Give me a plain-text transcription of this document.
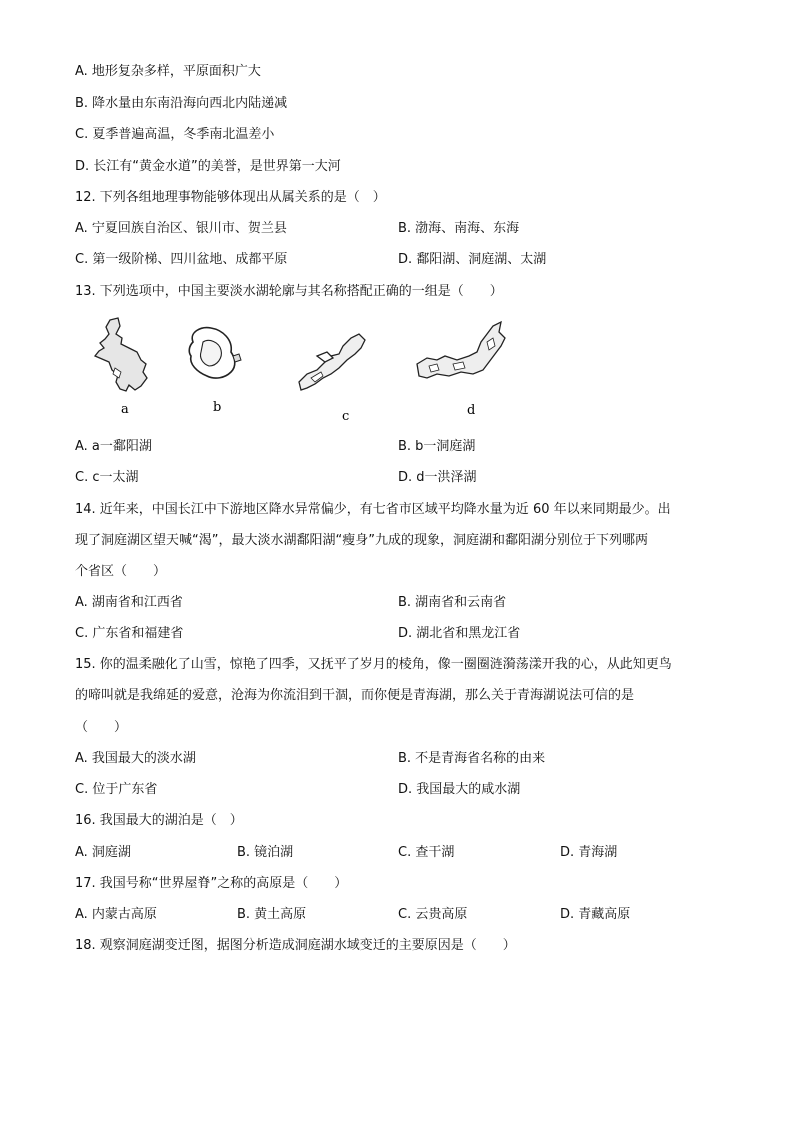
A. 地形复杂多样，平原面积广大
B. 降水量由东南沿海向西北内陆递减
C. 夏季普遍高温，冬季南北温差小
D. 长江有“黄金水道”的美誉，是世界第一大河
12. 下列各组地理事物能够体现出从属关系的是（　）
A. 宁夏回族自治区、银川市、贺兰县	B. 渤海、南海、东海
C. 第一级阶梯、四川盆地、成都平原	D. 鄱阳湖、洞庭湖、太湖
13. 下列选项中，中国主要淡水湖轮廓与其名称搭配正确的一组是（　　）
a	b
c	d
A. a一鄱阳湖	B. b一洞庭湖
C. c一太湖	D. d一洪泽湖
14. 近年来，中国长江中下游地区降水异常偏少，有七省市区域平均降水量为近 60 年以来同期最少。出
现了洞庭湖区望天喊“渴”，最大淡水湖鄱阳湖“瘦身”九成的现象，洞庭湖和鄱阳湖分别位于下列哪两
个省区（　　）
A. 湖南省和江西省	B. 湖南省和云南省
C. 广东省和福建省	D. 湖北省和黑龙江省
15. 你的温柔融化了山雪，惊艳了四季，又抚平了岁月的棱角，像一圈圈涟漪荡漾开我的心，从此知更鸟
的啼叫就是我绵延的爱意，沧海为你流泪到干涸，而你便是青海湖，那么关于青海湖说法可信的是
（　　）
A. 我国最大的淡水湖	B. 不是青海省名称的由来
C. 位于广东省	D. 我国最大的咸水湖
16. 我国最大的湖泊是（　）
A. 洞庭湖	B. 镜泊湖	C. 查干湖	D. 青海湖
17. 我国号称“世界屋脊”之称的高原是（　　）
A. 内蒙古高原	B. 黄土高原	C. 云贵高原	D. 青藏高原
18. 观察洞庭湖变迁图，据图分析造成洞庭湖水域变迁的主要原因是（　　）
